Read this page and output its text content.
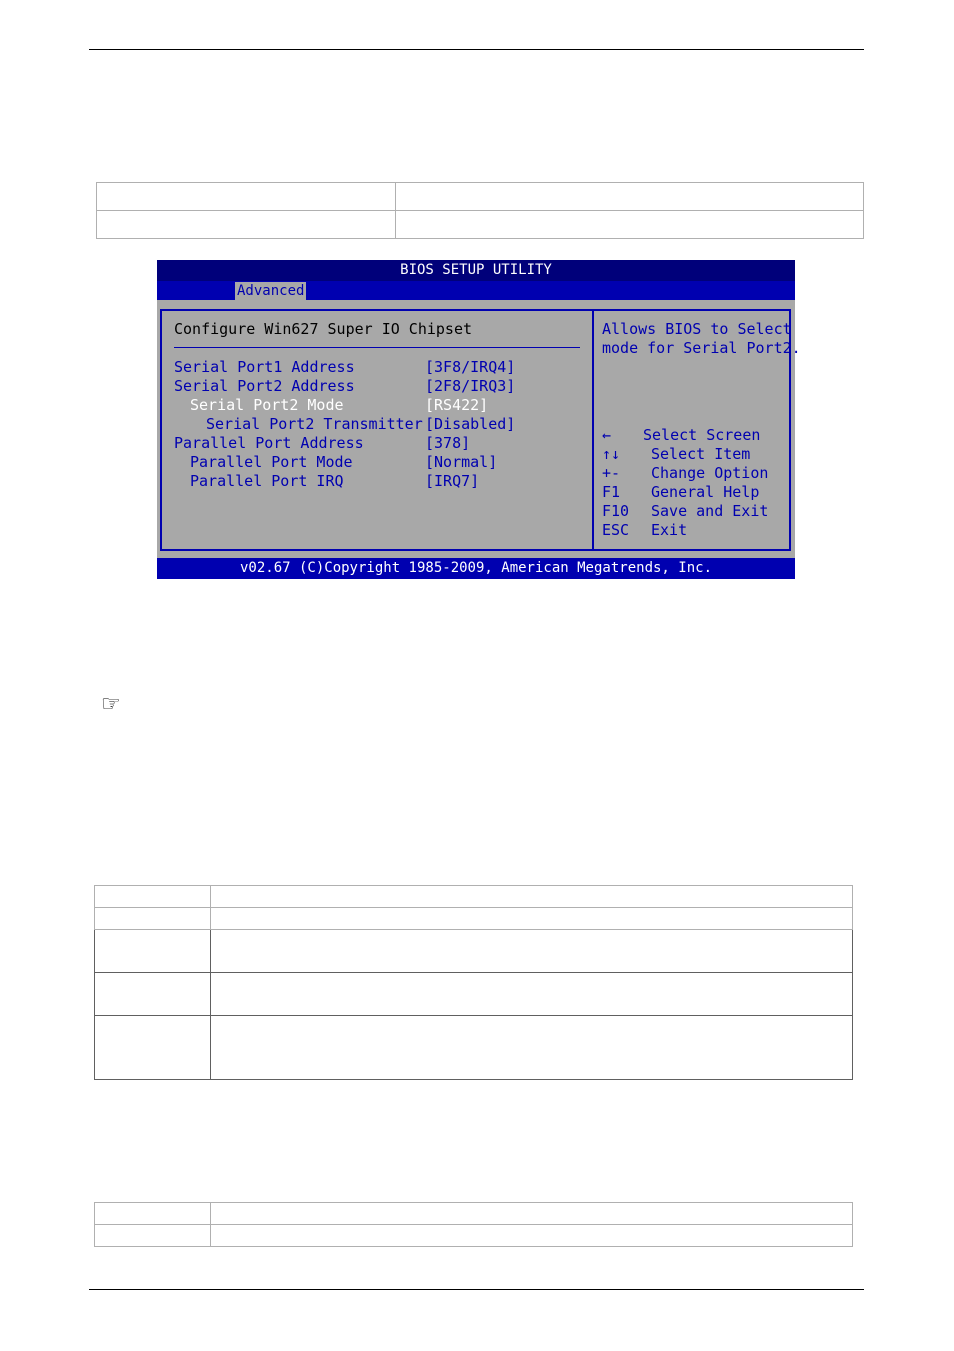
BIOS SETUP UTILITY
Advanced
Configure Win627 Super IO Chipset
Serial Port1 Address	[3F8/IRQ4]
Serial Port2 Address	[2F8/IRQ3]
Serial Port2 Mode	[RS422]
Serial Port2 Transmitter [Disabled]
Parallel Port Address	[378]
Parallel Port Mode	[Normal]
Parallel Port IRQ	[IRQ7]
Allows BIOS to Select
mode for Serial Port2.
← Select Screen
↑↓ Select Item
+- Change Option
F1 General Help
F10 Save and Exit
ESC Exit
v02.67 (C)Copyright 1985-2009, American Megatrends, Inc.
☞
